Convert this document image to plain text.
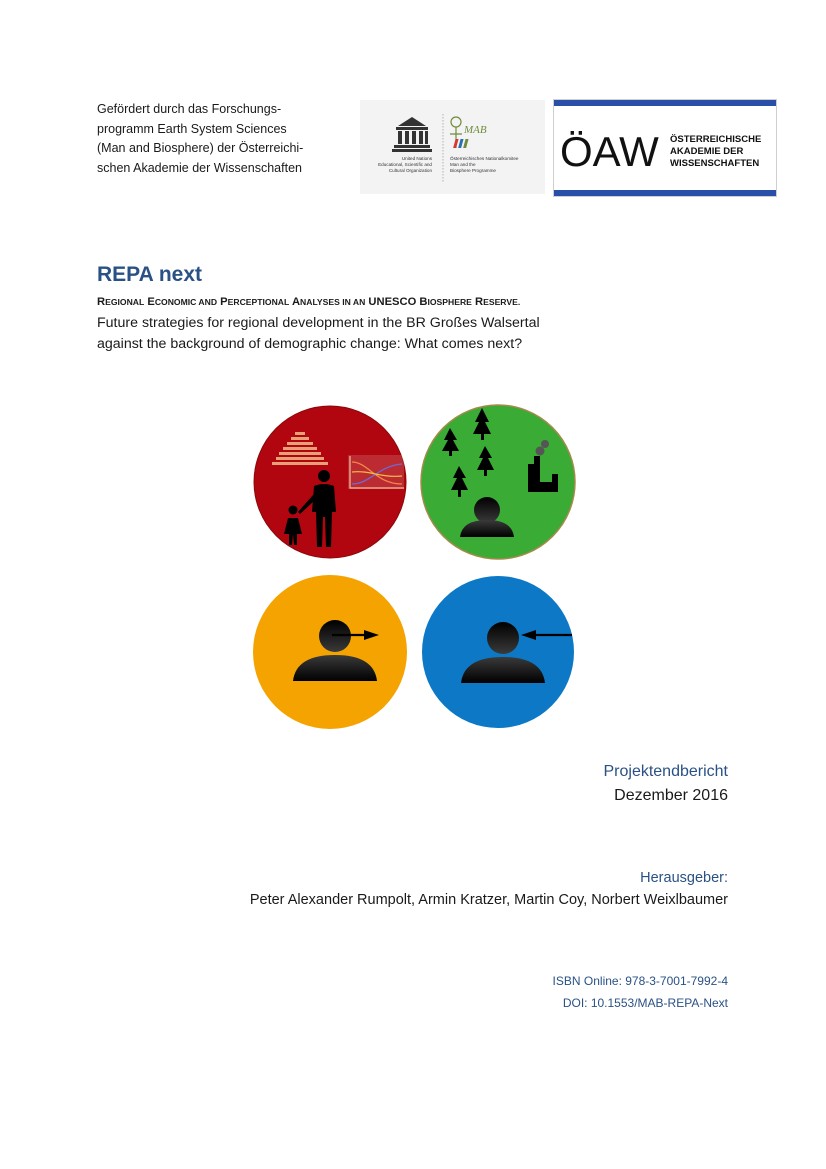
Gefördert durch das Forschungs-
programm Earth System Sciences
(Man and Biosphere) der Österreichi-
schen Akademie der Wissenschaften
United Nations
Educational, Scientific and
Cultural Organization
MAB
Österreichisches Nationalkomitee
Man and the
Biosphere Programme ÖAW ÖSTERREICHISCHE
AKADEMIE DER
WISSENSCHAFTEN
REPA next
REGIONAL ECONOMIC AND PERCEPTIONAL ANALYSES IN AN UNESCO BIOSPHERE RESERVE.
Future strategies for regional development in the BR Großes Walsertal
against the background of demographic change: What comes next?
Projektendbericht
Dezember 2016
Herausgeber:
Peter Alexander Rumpolt, Armin Kratzer, Martin Coy, Norbert Weixlbaumer
ISBN Online: 978-3-7001-7992-4
DOI: 10.1553/MAB-REPA-Next
